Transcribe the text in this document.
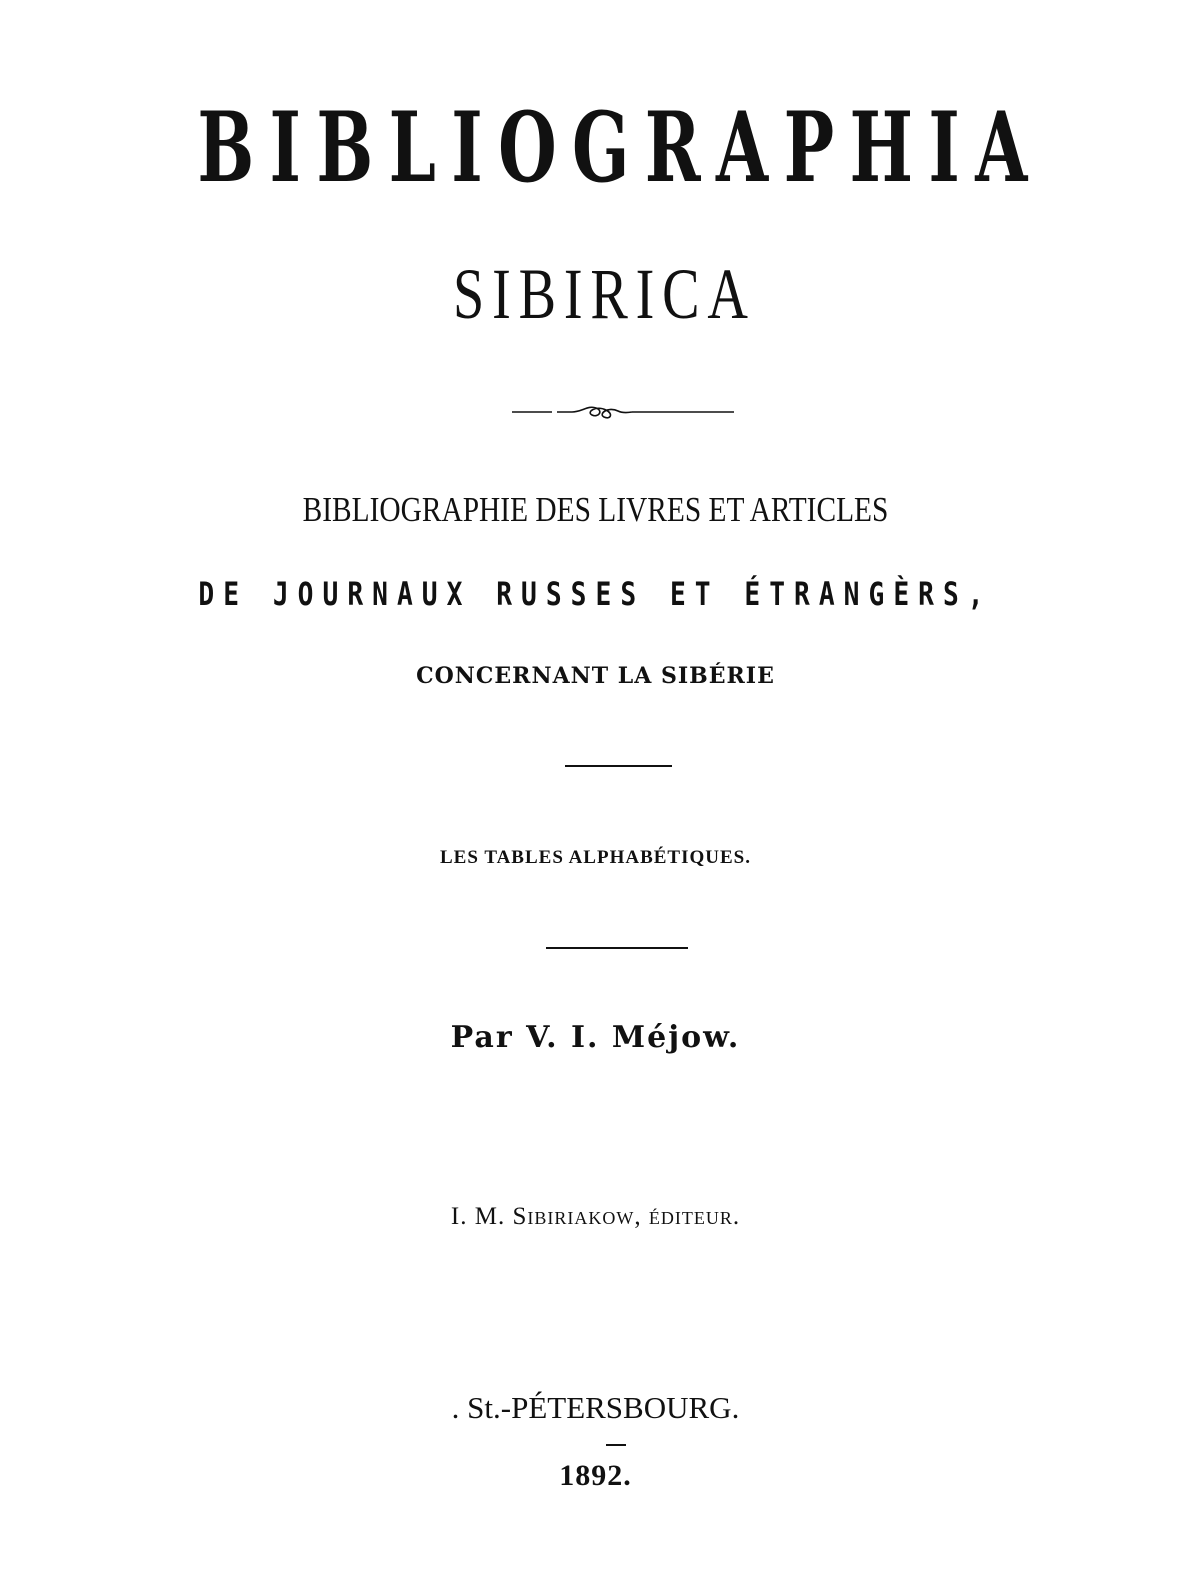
BIBLIOGRAPHIA
SIBIRICA
BIBLIOGRAPHIE DES LIVRES ET ARTICLES
DE JOURNAUX RUSSES ET ÉTRANGÈRS,
CONCERNANT LA SIBÉRIE
LES TABLES ALPHABÉTIQUES.
Par V. I. Méjow.
I. M. Sibiriakow, éditeur.
. St.-PÉTERSBOURG.
1892.
